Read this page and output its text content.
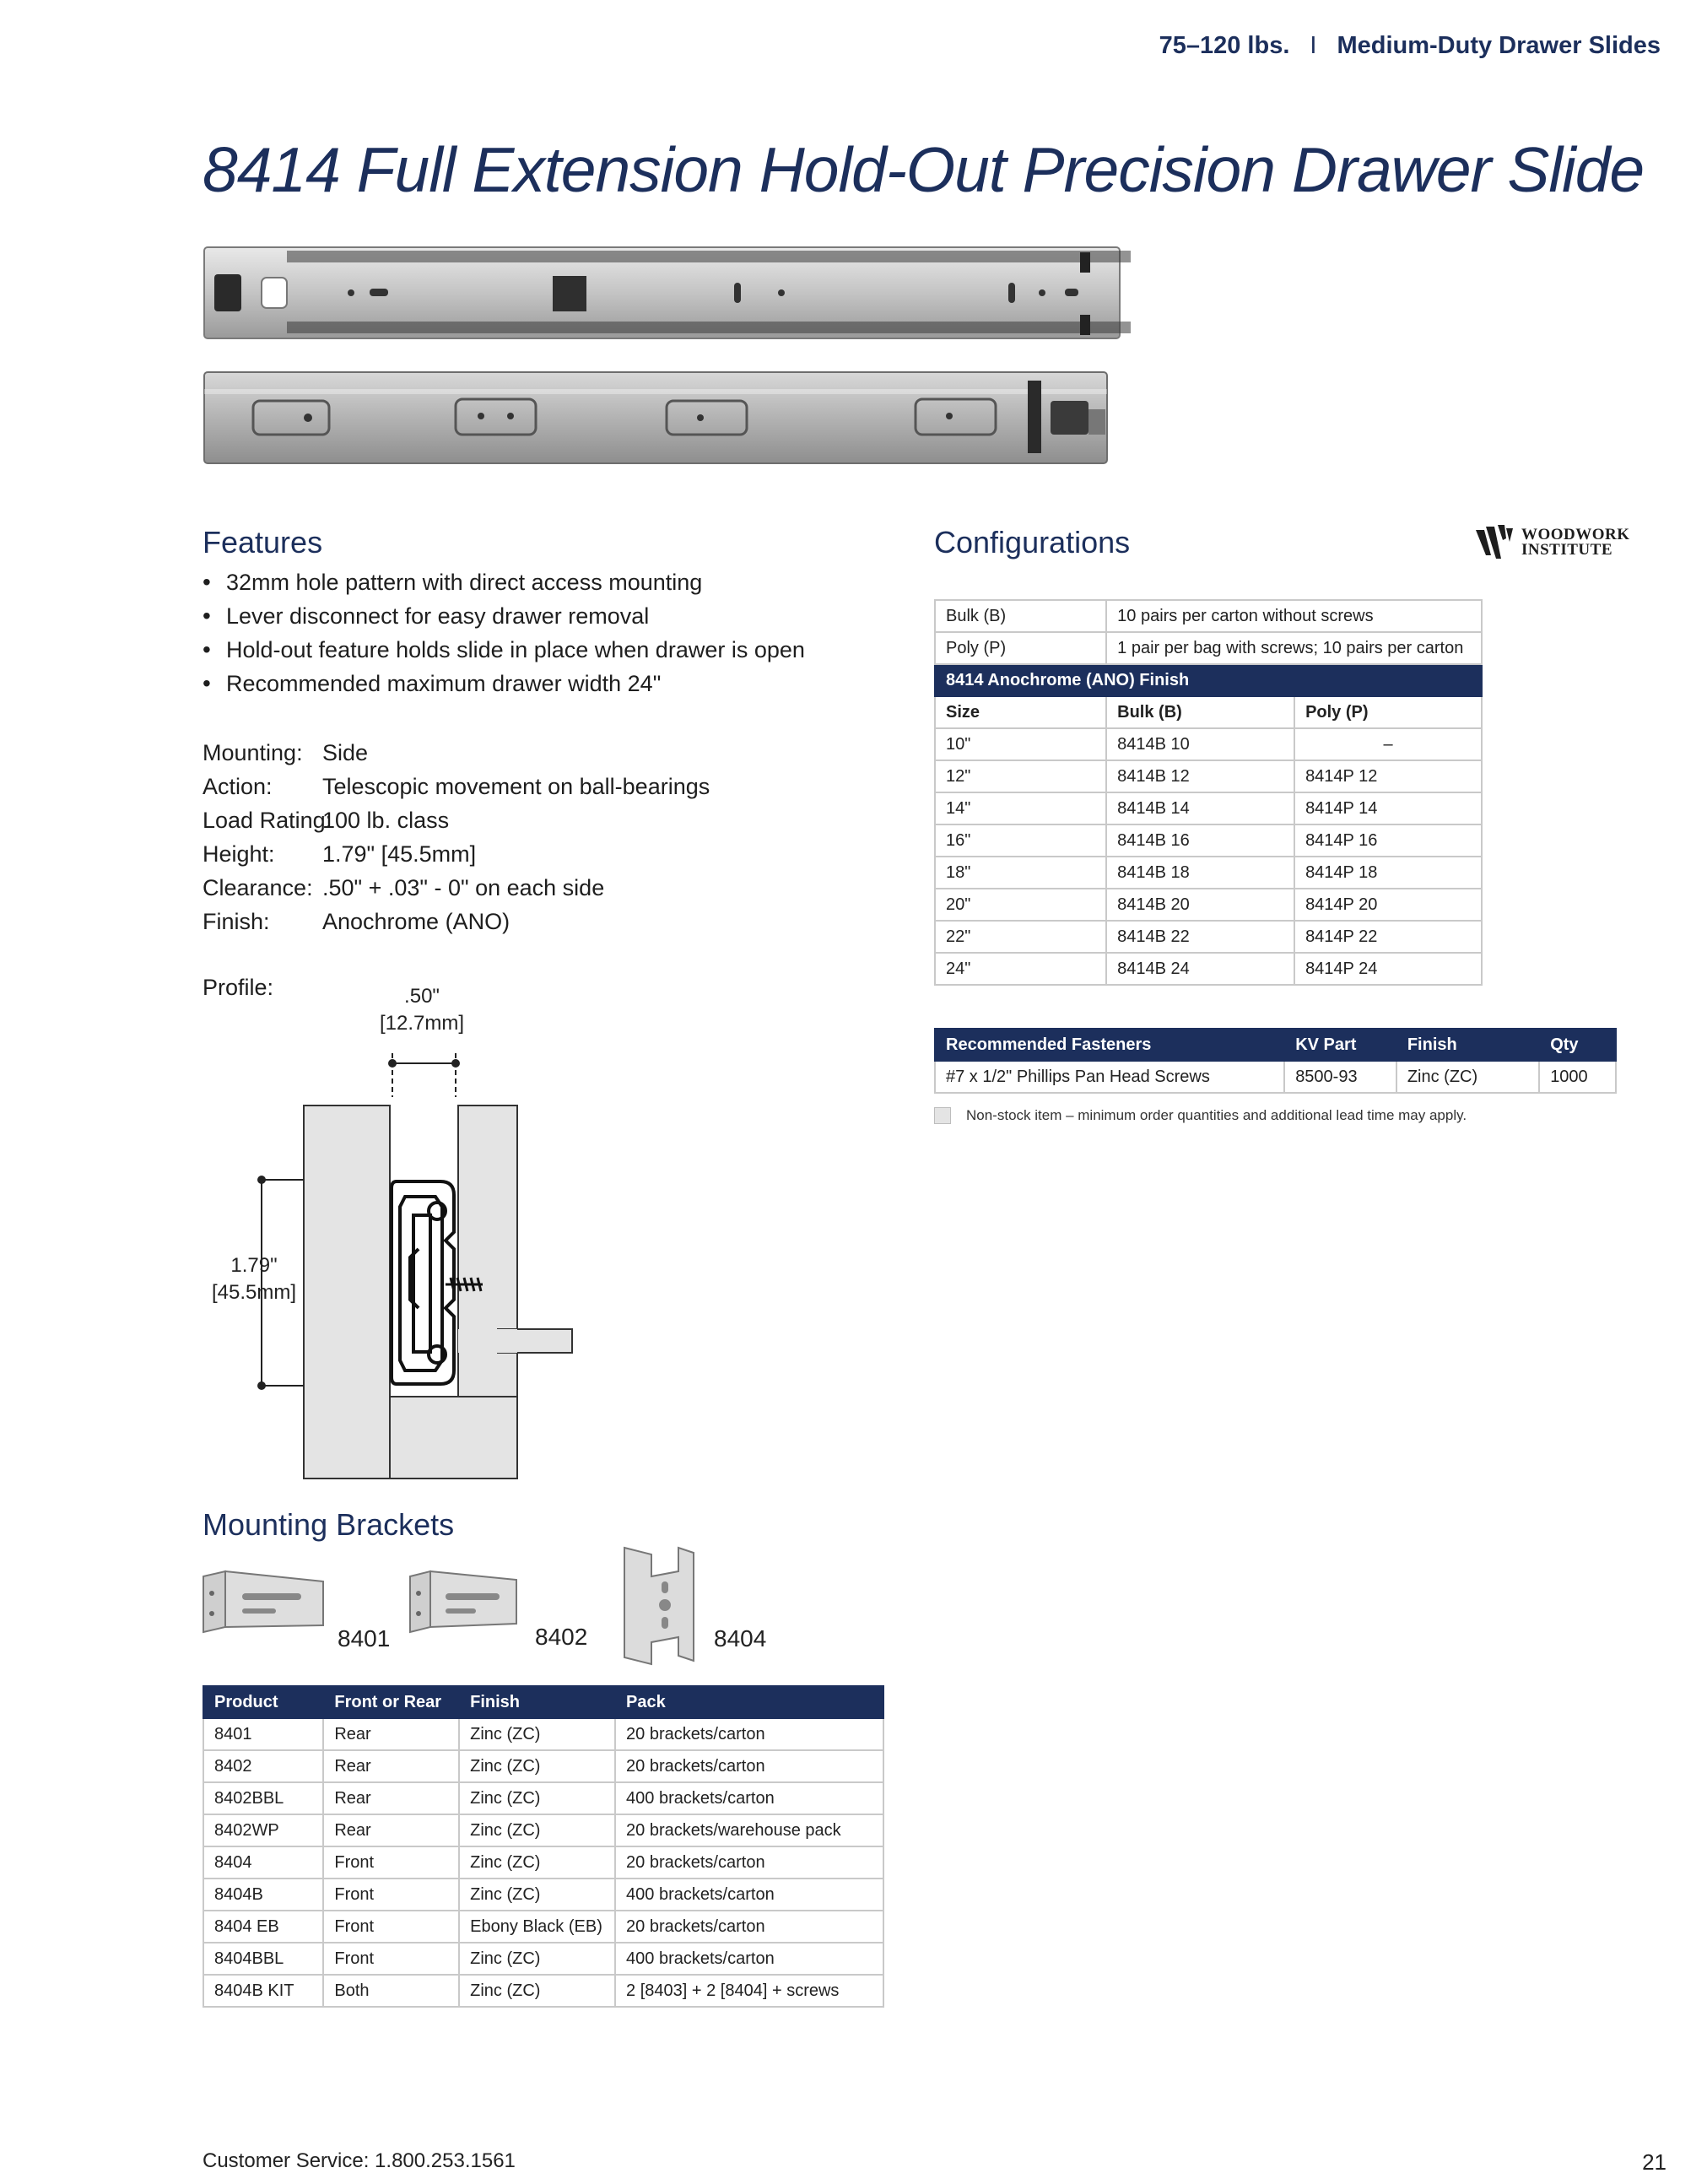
75–120 lbs. I Medium-Duty Drawer Slides
8414 Full Extension Hold-Out Precision Drawer Slide
Features
• 32mm hole pattern with direct access mounting
• Lever disconnect for easy drawer removal
• Hold-out feature holds slide in place when drawer is open
• Recommended maximum drawer width 24"
Mounting: Side
Action:	Telescopic movement on ball-bearings
Load Rating:
100 lb. class
Height:	1.79" [45.5mm]
Clearance: .50" + .03" - 0" on each side
Finish:	Anochrome (ANO)
Profile:	.50"
[12.7mm]
1.79"
[45.5mm]
Configurations	WOODWORK
INSTITUTE
Bulk (B)	10 pairs per carton without screws	
Poly (P)	1 pair per bag with screws; 10 pairs per carton	
8414 Anochrome (ANO) Finish		
Size	Bulk (B)	Poly (P)
10"	8414B 10	–
12"	8414B 12	8414P 12
14"	8414B 14	8414P 14
16"	8414B 16	8414P 16
18"	8414B 18	8414P 18
20"	8414B 20	8414P 20
22"	8414B 22	8414P 22
24"	8414B 24	8414P 24
Recommended Fasteners	KV Part	Finish	Qty
#7 x 1/2" Phillips Pan Head Screws	8500-93	Zinc (ZC)	1000
Non-stock item – minimum order quantities and additional lead time may apply.
Mounting Brackets
8401	8402	8404
Product	Front or Rear	Finish	Pack
8401	Rear	Zinc (ZC)	20 brackets/carton
8402	Rear	Zinc (ZC)	20 brackets/carton
8402BBL	Rear	Zinc (ZC)	400 brackets/carton
8402WP	Rear	Zinc (ZC)	20 brackets/warehouse pack
8404	Front	Zinc (ZC)	20 brackets/carton
8404B	Front	Zinc (ZC)	400 brackets/carton
8404 EB	Front	Ebony Black (EB)	20 brackets/carton
8404BBL	Front	Zinc (ZC)	400 brackets/carton
8404B KIT	Both	Zinc (ZC)	2 [8403] + 2 [8404] + screws
Customer Service: 1.800.253.1561	21
